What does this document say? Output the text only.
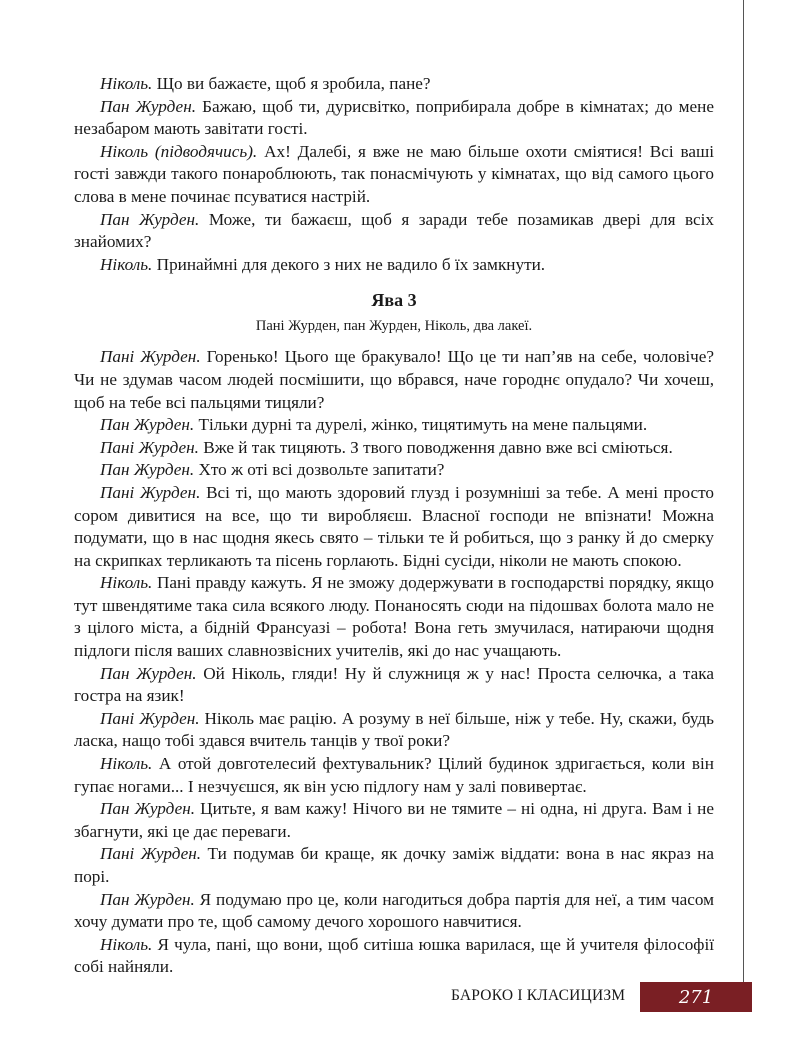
Ніколь. Що ви бажаєте, щоб я зробила, пане?

Пан Журден. Бажаю, щоб ти, дурисвітко, поприбирала добре в кімнатах; до мене незабаром мають завітати гості.

Ніколь (підводячись). Ах! Далебі, я вже не маю більше охоти сміятися! Всі ваші гості завжди такого понароблюють, так понасмічують у кімнатах, що від самого цього слова в мене починає псуватися настрій.

Пан Журден. Може, ти бажаєш, щоб я заради тебе позамикав двері для всіх знайомих?

Ніколь. Принаймні для декого з них не вадило б їх замкнути.

Ява 3

Пані Журден, пан Журден, Ніколь, два лакеї.

Пані Журден. Горенько! Цього ще бракувало! Що це ти нап’яв на себе, чоловіче? Чи не здумав часом людей посмішити, що вбрався, наче городнє опудало? Чи хочеш, щоб на тебе всі пальцями тицяли?

Пан Журден. Тільки дурні та дурелі, жінко, тицятимуть на мене пальцями.

Пані Журден. Вже й так тицяють. З твого поводження давно вже всі сміються.

Пан Журден. Хто ж оті всі дозвольте запитати?

Пані Журден. Всі ті, що мають здоровий глузд і розумніші за тебе. А мені просто сором дивитися на все, що ти виробляєш. Власної господи не впізнати! Можна подумати, що в нас щодня якесь свято – тільки те й робиться, що з ранку й до смерку на скрипках терликають та пісень горлають. Бідні сусіди, ніколи не мають спокою.

Ніколь. Пані правду кажуть. Я не зможу додержувати в господарстві порядку, якщо тут швендятиме така сила всякого люду. Понаносять сюди на підошвах болота мало не з цілого міста, а бідній Франсуазі – робота! Вона геть змучилася, натираючи щодня підлоги після ваших славнозвісних учителів, які до нас учащають.

Пан Журден. Ой Ніколь, гляди! Ну й служниця ж у нас! Проста селючка, а така гостра на язик!

Пані Журден. Ніколь має рацію. А розуму в неї більше, ніж у тебе. Ну, скажи, будь ласка, нащо тобі здався вчитель танців у твої роки?

Ніколь. А отой довготелесий фехтувальник? Цілий будинок здригається, коли він гупає ногами... І незчуєшся, як він усю підлогу нам у залі повивертає.

Пан Журден. Цитьте, я вам кажу! Нічого ви не тямите – ні одна, ні друга. Вам і не збагнути, які це дає переваги.

Пані Журден. Ти подумав би краще, як дочку заміж віддати: вона в нас якраз на порі.

Пан Журден. Я подумаю про це, коли нагодиться добра партія для неї, а тим часом хочу думати про те, щоб самому дечого хорошого навчитися.

Ніколь. Я чула, пані, що вони, щоб ситіша юшка варилася, ще й учителя філософії собі найняли.

БАРОКО І КЛАСИЦИЗМ	271
